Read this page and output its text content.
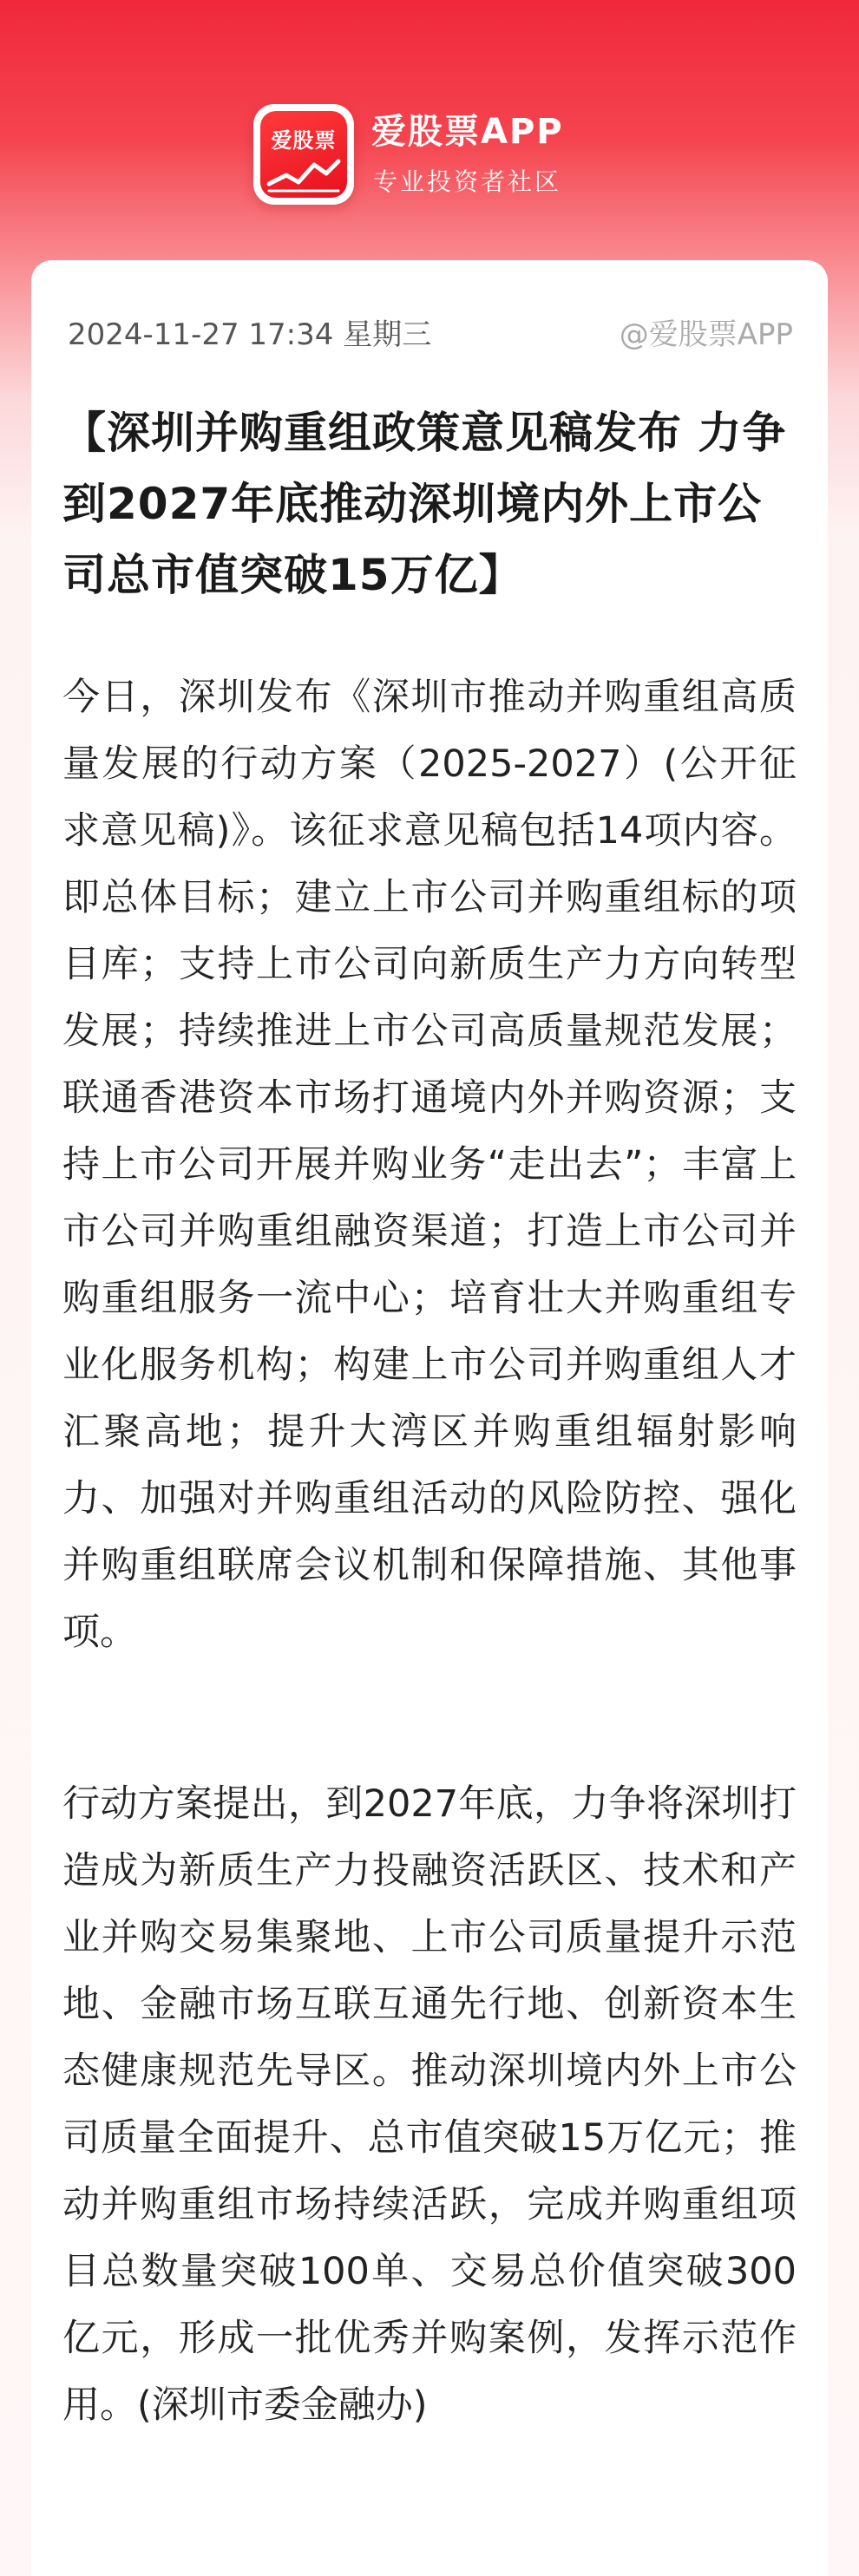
爱股票	爱股票APP
专业投资者社区
2024-11-27 17:34 星期三	@爱股票APP
【深圳并购重组政策意见稿发布 力争到2027年底推动深圳境内外上市公司总市值突破15万亿】

今日，深圳发布《深圳市推动并购重组高质量发展的行动方案（2025-2027）(公开征求意见稿)》。该征求意见稿包括14项内容。即总体目标；建立上市公司并购重组标的项目库；支持上市公司向新质生产力方向转型发展；持续推进上市公司高质量规范发展；联通香港资本市场打通境内外并购资源；支持上市公司开展并购业务“走出去”；丰富上市公司并购重组融资渠道；打造上市公司并购重组服务一流中心；培育壮大并购重组专业化服务机构；构建上市公司并购重组人才汇聚高地；提升大湾区并购重组辐射影响力、加强对并购重组活动的风险防控、强化并购重组联席会议机制和保障措施、其他事项。

行动方案提出，到2027年底，力争将深圳打造成为新质生产力投融资活跃区、技术和产业并购交易集聚地、上市公司质量提升示范地、金融市场互联互通先行地、创新资本生态健康规范先导区。推动深圳境内外上市公司质量全面提升、总市值突破15万亿元；推动并购重组市场持续活跃，完成并购重组项目总数量突破100单、交易总价值突破300亿元，形成一批优秀并购案例，发挥示范作用。(深圳市委金融办)
